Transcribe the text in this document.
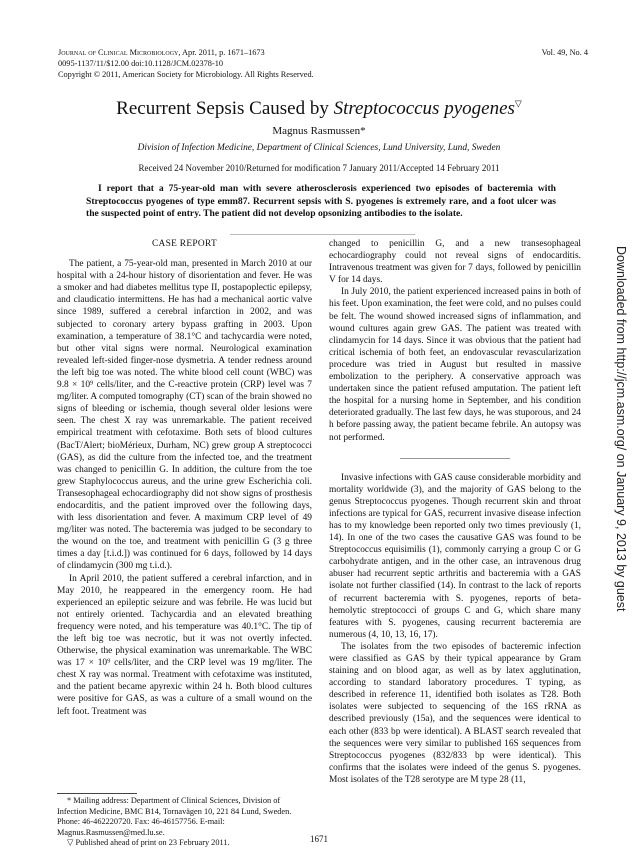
Journal of Clinical Microbiology, Apr. 2011, p. 1671–1673
0095-1137/11/$12.00 doi:10.1128/JCM.02378-10
Copyright © 2011, American Society for Microbiology. All Rights Reserved.
Vol. 49, No. 4
Recurrent Sepsis Caused by Streptococcus pyogenes▽
Magnus Rasmussen*
Division of Infection Medicine, Department of Clinical Sciences, Lund University, Lund, Sweden
Received 24 November 2010/Returned for modification 7 January 2011/Accepted 14 February 2011
I report that a 75-year-old man with severe atherosclerosis experienced two episodes of bacteremia with Streptococcus pyogenes of type emm87. Recurrent sepsis with S. pyogenes is extremely rare, and a foot ulcer was the suspected point of entry. The patient did not develop opsonizing antibodies to the isolate.
CASE REPORT

The patient, a 75-year-old man, presented in March 2010 at our hospital with a 24-hour history of disorientation and fever. He was a smoker and had diabetes mellitus type II, postapoplectic epilepsy, and claudicatio intermittens. He has had a mechanical aortic valve since 1989, suffered a cerebral infarction in 2002, and was subjected to coronary artery bypass grafting in 2003. Upon examination, a temperature of 38.1°C and tachycardia were noted, but other vital signs were normal. Neurological examination revealed left-sided finger-nose dysmetria. A tender redness around the left big toe was noted. The white blood cell count (WBC) was 9.8 × 10⁹ cells/liter, and the C-reactive protein (CRP) level was 7 mg/liter. A computed tomography (CT) scan of the brain showed no signs of bleeding or ischemia, though several older lesions were seen. The chest X ray was unremarkable. The patient received empirical treatment with cefotaxime. Both sets of blood cultures (BacT/Alert; bioMérieux, Durham, NC) grew group A streptococci (GAS), as did the culture from the infected toe, and the treatment was changed to penicillin G. In addition, the culture from the toe grew Staphylococcus aureus, and the urine grew Escherichia coli. Transesophageal echocardiography did not show signs of prosthesis endocarditis, and the patient improved over the following days, with less disorientation and fever. A maximum CRP level of 49 mg/liter was noted. The bacteremia was judged to be secondary to the wound on the toe, and treatment with penicillin G (3 g three times a day [t.i.d.]) was continued for 6 days, followed by 14 days of clindamycin (300 mg t.i.d.).

In April 2010, the patient suffered a cerebral infarction, and in May 2010, he reappeared in the emergency room. He had experienced an epileptic seizure and was febrile. He was lucid but not entirely oriented. Tachycardia and an elevated breathing frequency were noted, and his temperature was 40.1°C. The tip of the left big toe was necrotic, but it was not overtly infected. Otherwise, the physical examination was unremarkable. The WBC was 17 × 10⁹ cells/liter, and the CRP level was 19 mg/liter. The chest X ray was normal. Treatment with cefotaxime was instituted, and the patient became apyrexic within 24 h. Both blood cultures were positive for GAS, as was a culture of a small wound on the left foot. Treatment was

changed to penicillin G, and a new transesophageal echocardiography could not reveal signs of endocarditis. Intravenous treatment was given for 7 days, followed by penicillin V for 14 days.

In July 2010, the patient experienced increased pains in both of his feet. Upon examination, the feet were cold, and no pulses could be felt. The wound showed increased signs of inflammation, and wound cultures again grew GAS. The patient was treated with clindamycin for 14 days. Since it was obvious that the patient had critical ischemia of both feet, an endovascular revascularization procedure was tried in August but resulted in massive embolization to the periphery. A conservative approach was undertaken since the patient refused amputation. The patient left the hospital for a nursing home in September, and his condition deteriorated gradually. The last few days, he was stuporous, and 24 h before passing away, the patient became febrile. An autopsy was not performed.

Invasive infections with GAS cause considerable morbidity and mortality worldwide (3), and the majority of GAS belong to the genus Streptococcus pyogenes. Though recurrent skin and throat infections are typical for GAS, recurrent invasive disease infection has to my knowledge been reported only two times previously (1, 14). In one of the two cases the causative GAS was found to be Streptococcus equisimilis (1), commonly carrying a group C or G carbohydrate antigen, and in the other case, an intravenous drug abuser had recurrent septic arthritis and bacteremia with a GAS isolate not further classified (14). In contrast to the lack of reports of recurrent bacteremia with S. pyogenes, reports of beta-hemolytic streptococci of groups C and G, which share many features with S. pyogenes, causing recurrent bacteremia are numerous (4, 10, 13, 16, 17).

The isolates from the two episodes of bacteremic infection were classified as GAS by their typical appearance by Gram staining and on blood agar, as well as by latex agglutination, according to standard laboratory procedures. T typing, as described in reference 11, identified both isolates as T28. Both isolates were subjected to sequencing of the 16S rRNA as described previously (15a), and the sequences were identical to each other (833 bp were identical). A BLAST search revealed that the sequences were very similar to published 16S sequences from Streptococcus pyogenes (832/833 bp were identical). This confirms that the isolates were indeed of the genus S. pyogenes. Most isolates of the T28 serotype are M type 28 (11,

* Mailing address: Department of Clinical Sciences, Division of Infection Medicine, BMC B14, Tornavägen 10, 221 84 Lund, Sweden. Phone: 46-462220720. Fax: 46-46157756. E-mail: Magnus.Rasmussen@med.lu.se.

▽ Published ahead of print on 23 February 2011.	1671
Downloaded from http://jcm.asm.org/ on January 9, 2013 by guest
